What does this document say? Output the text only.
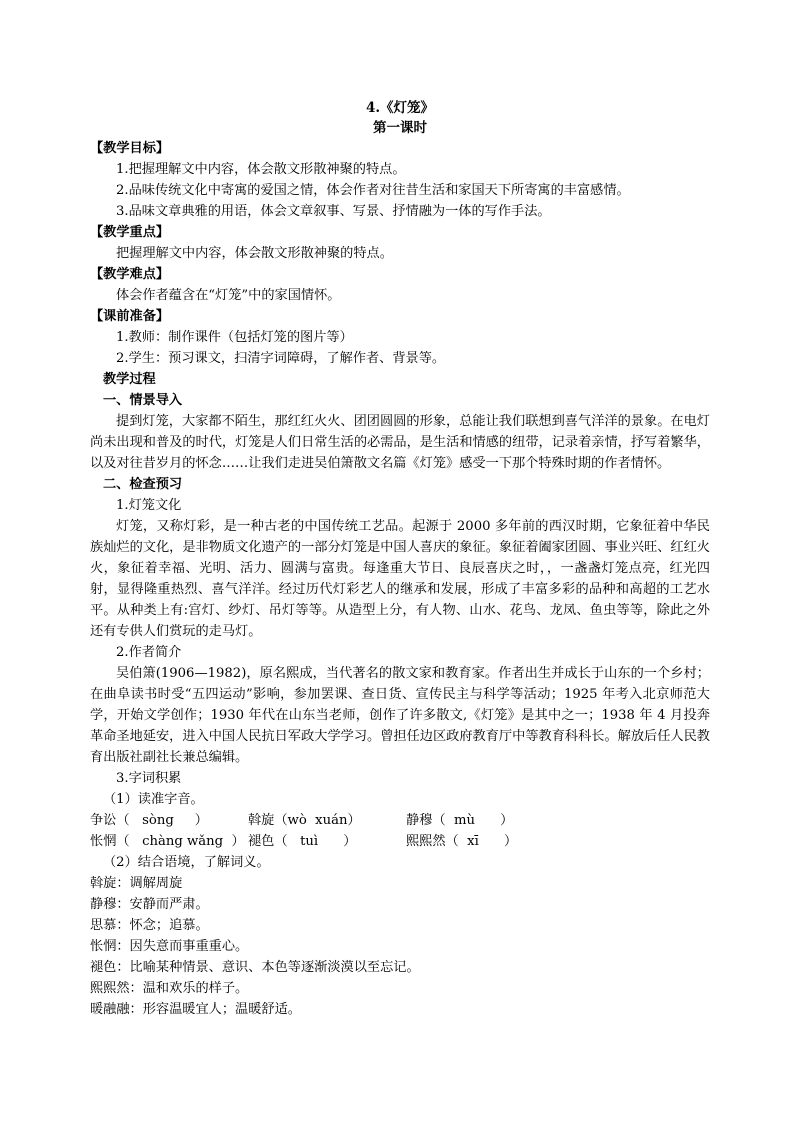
4.《灯笼》
第一课时

【教学目标】

1.把握理解文中内容，体会散文形散神聚的特点。

2.品味传统文化中寄寓的爱国之情，体会作者对往昔生活和家国天下所寄寓的丰富感情。

3.品味文章典雅的用语，体会文章叙事、写景、抒情融为一体的写作手法。

【教学重点】

把握理解文中内容，体会散文形散神聚的特点。

【教学难点】

体会作者蕴含在“灯笼”中的家国情怀。

【课前准备】

1.教师：制作课件（包括灯笼的图片等）

2.学生：预习课文，扫清字词障碍，了解作者、背景等。

教学过程

一、情景导入

提到灯笼，大家都不陌生，那红红火火、团团圆圆的形象，总能让我们联想到喜气洋洋的景象。在电灯尚未出现和普及的时代，灯笼是人们日常生活的必需品，是生活和情感的纽带，记录着亲情，抒写着繁华，以及对往昔岁月的怀念……让我们走进吴伯箫散文名篇《灯笼》感受一下那个特殊时期的作者情怀。

二、检查预习

1.灯笼文化

灯笼，又称灯彩，是一种古老的中国传统工艺品。起源于 2000 多年前的西汉时期，它象征着中华民族灿烂的文化，是非物质文化遗产的一部分灯笼是中国人喜庆的象征。象征着阖家团圆、事业兴旺、红红火火，象征着幸福、光明、活力、圆满与富贵。每逢重大节日、良辰喜庆之时，，一盏盏灯笼点亮，红光四射，显得隆重热烈、喜气洋洋。经过历代灯彩艺人的继承和发展，形成了丰富多彩的品种和高超的工艺水平。从种类上有:宫灯、纱灯、吊灯等等。从造型上分，有人物、山水、花鸟、龙凤、鱼虫等等，除此之外还有专供人们赏玩的走马灯。

2.作者简介

吴伯箫(1906—1982)，原名熙成，当代著名的散文家和教育家。作者出生并成长于山东的一个乡村；在曲阜读书时受“五四运动”影响，参加罢课、查日货、宣传民主与科学等活动；1925 年考入北京师范大学，开始文学创作；1930 年代在山东当老师，创作了许多散文,《灯笼》是其中之一；1938 年 4 月投奔革命圣地延安，进入中国人民抗日军政大学学习。曾担任边区政府教育厅中等教育科科长。解放后任人民教育出版社副社长兼总编辑。

3.字词积累

（1）读准字音。

争讼（   sòng     ）	斡旋（wò  xuán）	静穆（  mù      ）
怅惘（   chàng wǎng  ） 褪色（   tuì      ）	熙熙然（  xī      ）

（2）结合语境，了解词义。

斡旋：调解周旋

静穆：安静而严肃。

思慕：怀念；追慕。

怅惘：因失意而事重重心。

褪色：比喻某种情景、意识、本色等逐渐淡漠以至忘记。

熙熙然：温和欢乐的样子。

暖融融：形容温暖宜人；温暖舒适。
